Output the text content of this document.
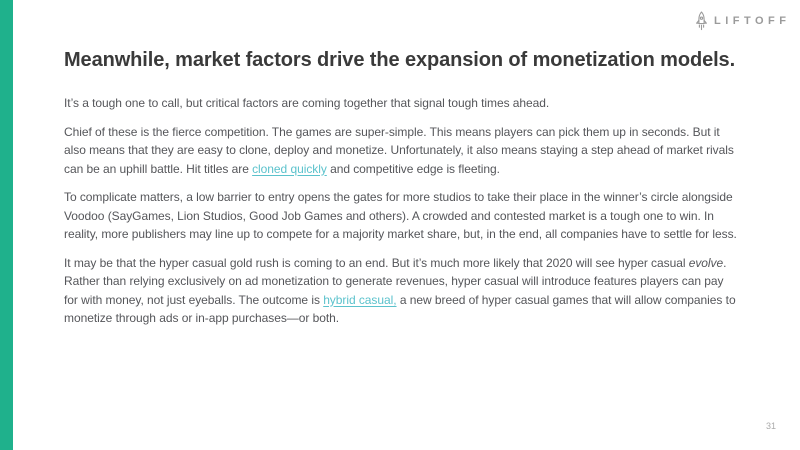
LIFTOFF
Meanwhile, market factors drive the expansion of monetization models.

It’s a tough one to call, but critical factors are coming together that signal tough times ahead.

Chief of these is the fierce competition. The games are super-simple. This means players can pick them up in seconds. But it also means that they are easy to clone, deploy and monetize. Unfortunately, it also means staying a step ahead of market rivals can be an uphill battle. Hit titles are cloned quickly and competitive edge is fleeting.

To complicate matters, a low barrier to entry opens the gates for more studios to take their place in the winner’s circle alongside Voodoo (SayGames, Lion Studios, Good Job Games and others). A crowded and contested market is a tough one to win. In reality, more publishers may line up to compete for a majority market share, but, in the end, all companies have to settle for less.

It may be that the hyper casual gold rush is coming to an end. But it’s much more likely that 2020 will see hyper casual evolve. Rather than relying exclusively on ad monetization to generate revenues, hyper casual will introduce features players can pay for with money, not just eyeballs. The outcome is hybrid casual, a new breed of hyper casual games that will allow companies to monetize through ads or in-app purchases—or both.

31
